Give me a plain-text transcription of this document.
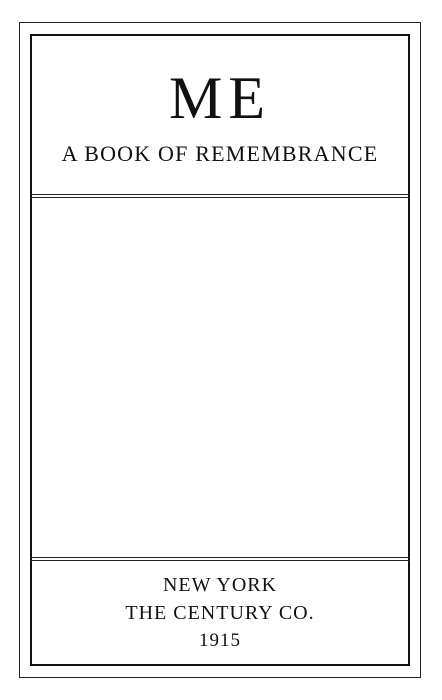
ME
A BOOK OF REMEMBRANCE
NEW YORK
THE CENTURY CO.
1915
